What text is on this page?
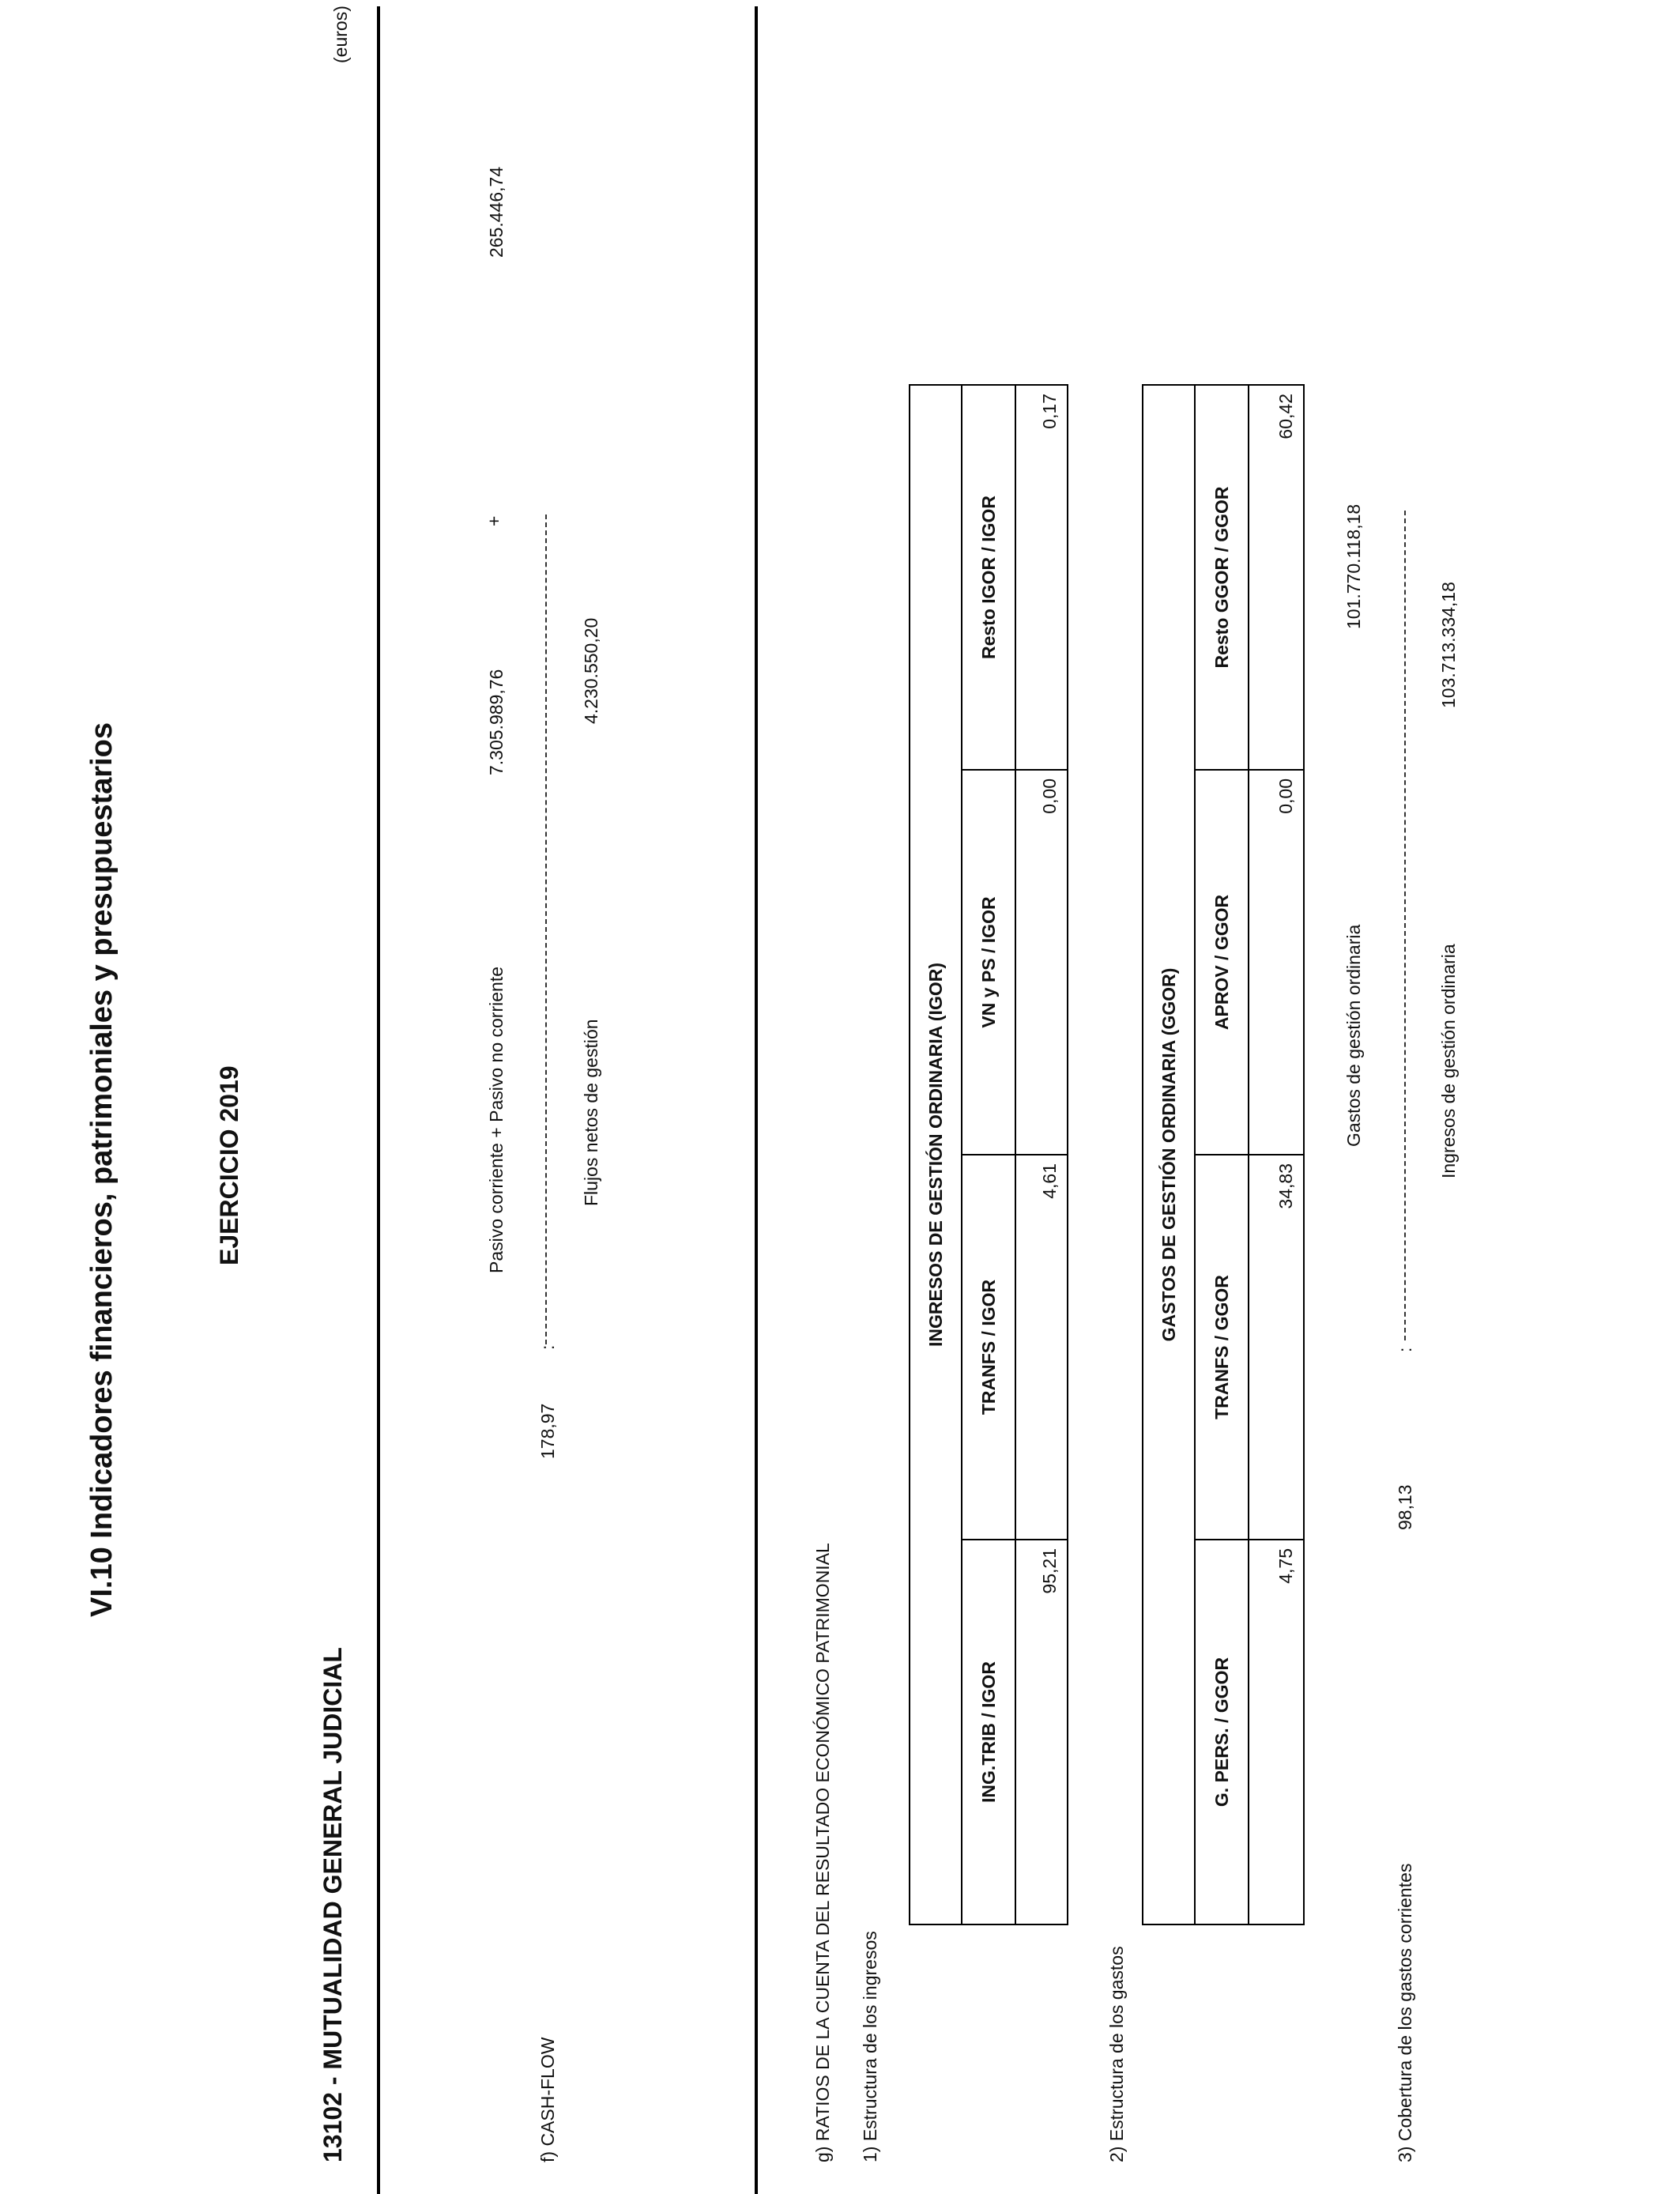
VI.10 Indicadores financieros, patrimoniales y presupuestarios	EJERCICIO 2019
13102 - MUTUALIDAD GENERAL JUDICIAL
(euros)
f) CASH-FLOW
178,97
:
Pasivo corriente + Pasivo no corriente
7.305.989,76
+
265.446,74
Flujos netos de gestión
4.230.550,20
g) RATIOS DE LA CUENTA DEL RESULTADO ECONÓMICO PATRIMONIAL 1) Estructura de los ingresos
INGRESOS DE GESTIÓN ORDINARIA (IGOR)			
ING.TRIB / IGOR	TRANFS / IGOR	VN y PS / IGOR	Resto IGOR / IGOR
95,21	4,61	0,00	0,17
2) Estructura de los gastos
GASTOS DE GESTIÓN ORDINARIA (GGOR)			
G. PERS. / GGOR	TRANFS / GGOR	APROV / GGOR	Resto GGOR / GGOR
4,75	34,83	0,00	60,42
3) Cobertura de los gastos corrientes
98,13
:
Gastos de gestión ordinaria
101.770.118,18
Ingresos de gestión ordinaria
103.713.334,18
